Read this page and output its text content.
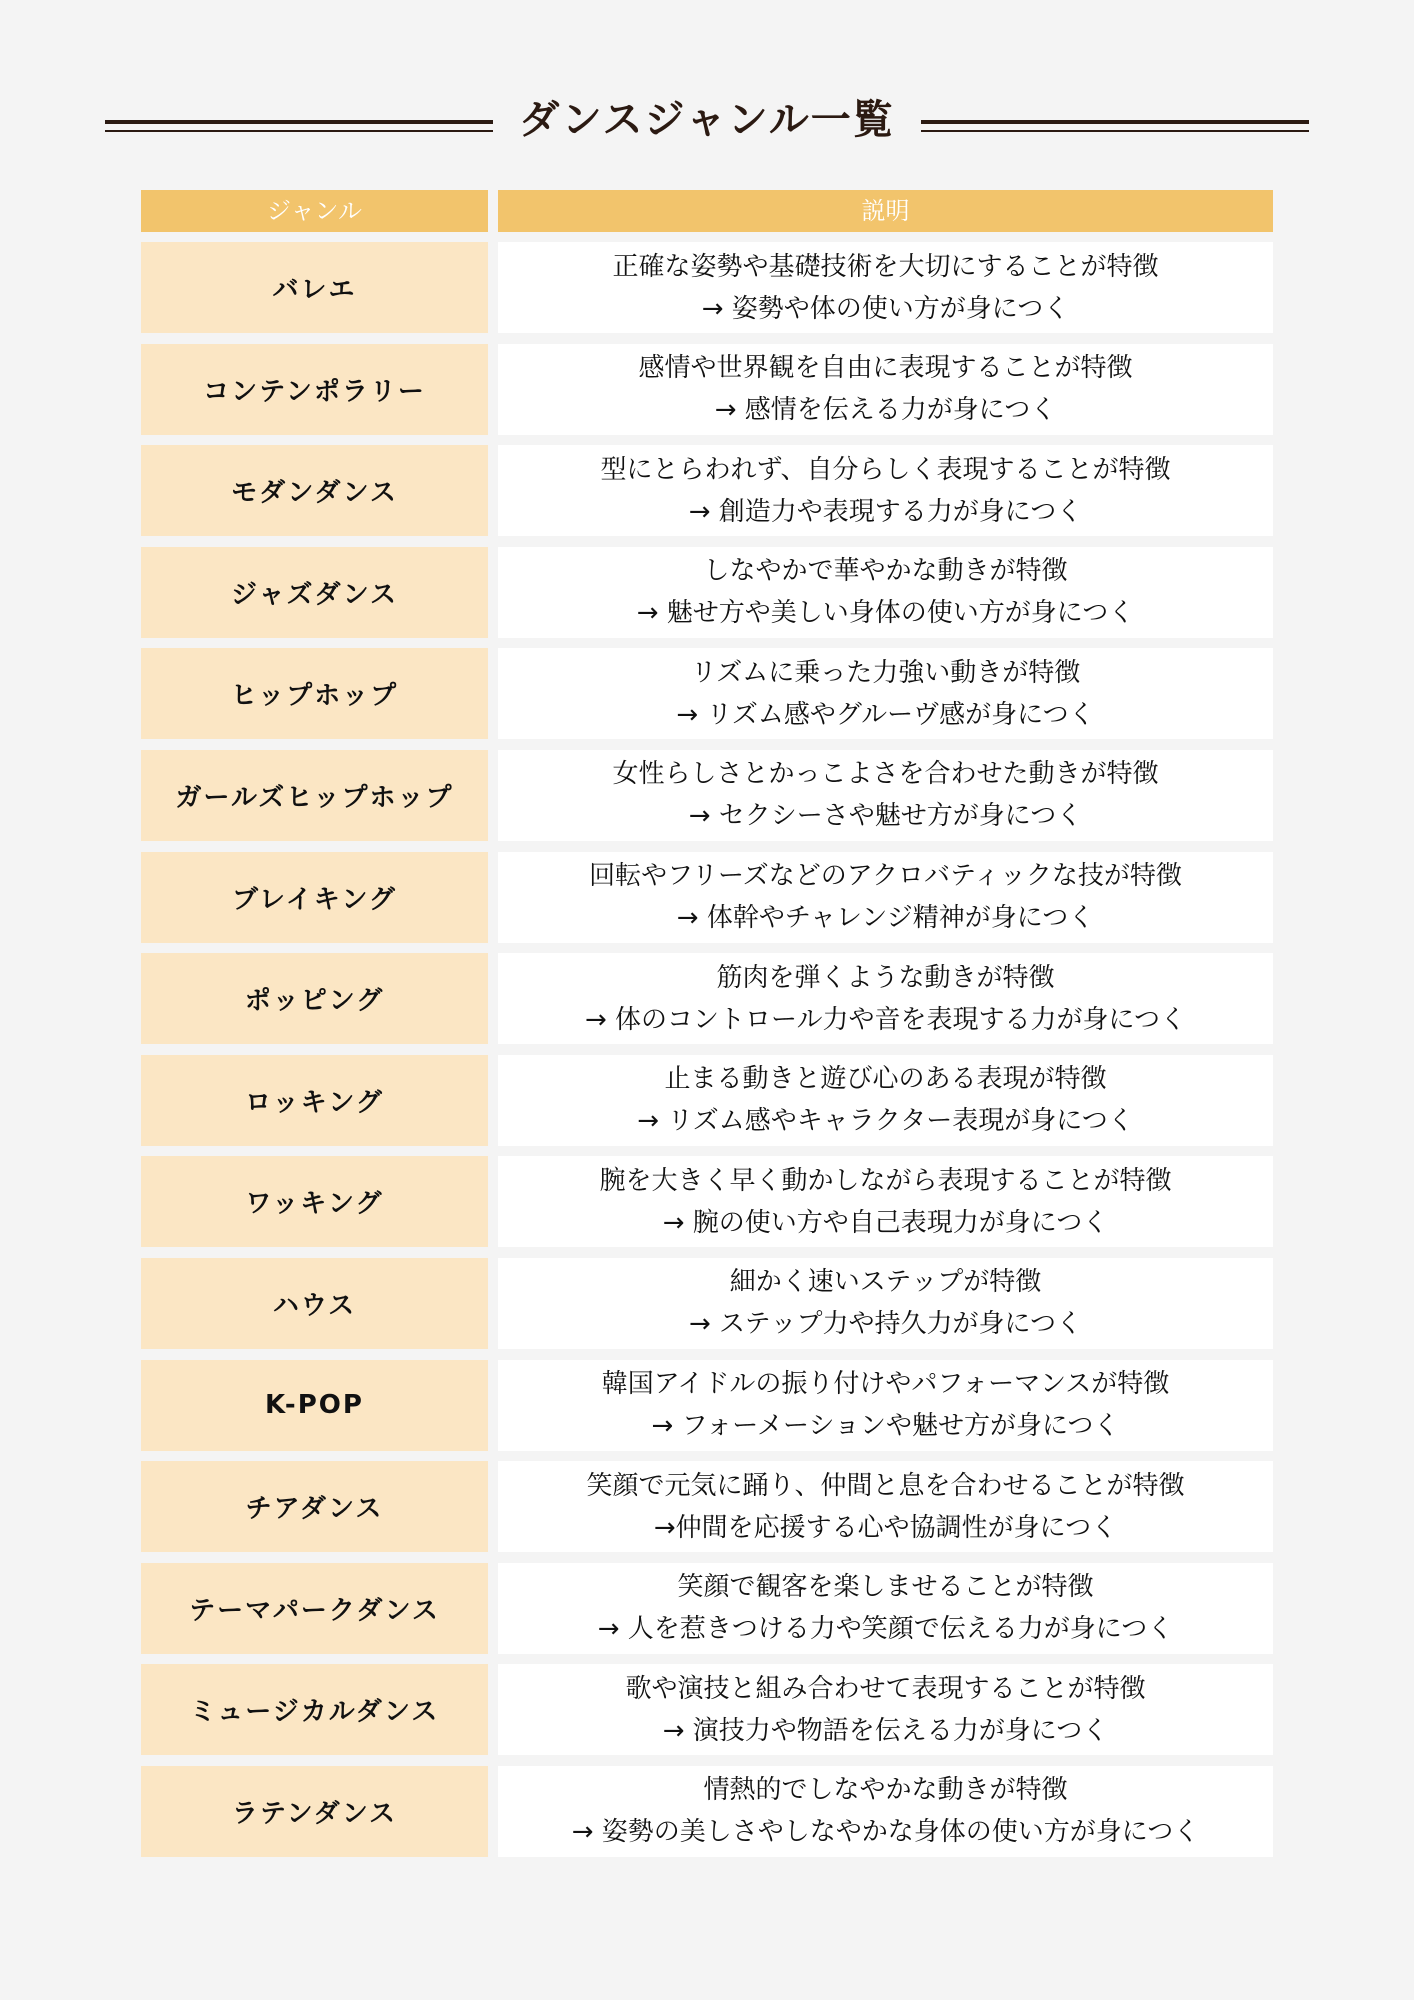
ダンスジャンル一覧
ジャンル	説明
バレエ
正確な姿勢や基礎技術を大切にすることが特徴
→ 姿勢や体の使い方が身につく
コンテンポラリー
感情や世界観を自由に表現することが特徴
→ 感情を伝える力が身につく
モダンダンス
型にとらわれず、自分らしく表現することが特徴
→ 創造力や表現する力が身につく
ジャズダンス
しなやかで華やかな動きが特徴
→ 魅せ方や美しい身体の使い方が身につく
ヒップホップ
リズムに乗った力強い動きが特徴
→ リズム感やグルーヴ感が身につく
ガールズヒップホップ
女性らしさとかっこよさを合わせた動きが特徴
→ セクシーさや魅せ方が身につく
ブレイキング
回転やフリーズなどのアクロバティックな技が特徴
→ 体幹やチャレンジ精神が身につく
ポッピング
筋肉を弾くような動きが特徴
→ 体のコントロール力や音を表現する力が身につく
ロッキング
止まる動きと遊び心のある表現が特徴
→ リズム感やキャラクター表現が身につく
ワッキング
腕を大きく早く動かしながら表現することが特徴
→ 腕の使い方や自己表現力が身につく
ハウス
細かく速いステップが特徴
→ ステップ力や持久力が身につく
K-POP
韓国アイドルの振り付けやパフォーマンスが特徴
→ フォーメーションや魅せ方が身につく
チアダンス
笑顔で元気に踊り、仲間と息を合わせることが特徴
→仲間を応援する心や協調性が身につく
テーマパークダンス
笑顔で観客を楽しませることが特徴
→ 人を惹きつける力や笑顔で伝える力が身につく
ミュージカルダンス
歌や演技と組み合わせて表現することが特徴
→ 演技力や物語を伝える力が身につく
ラテンダンス
情熱的でしなやかな動きが特徴
→ 姿勢の美しさやしなやかな身体の使い方が身につく
